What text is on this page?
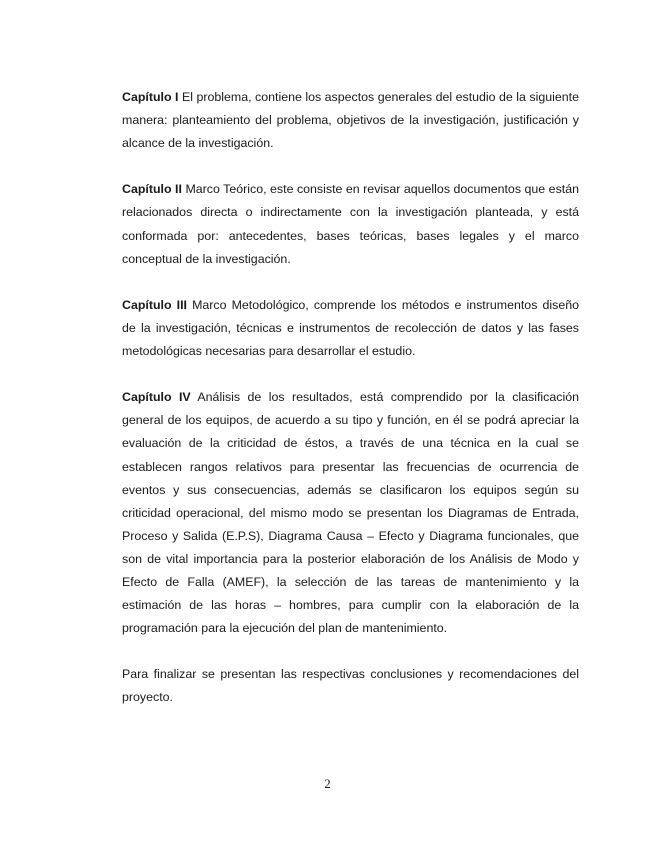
Capítulo I El problema, contiene los aspectos generales del estudio de la siguiente manera: planteamiento del problema, objetivos de la investigación, justificación y alcance de la investigación.

Capítulo II Marco Teórico, este consiste en revisar aquellos documentos que están relacionados directa o indirectamente con la investigación planteada, y está conformada por: antecedentes, bases teóricas, bases legales y el marco conceptual de la investigación.

Capítulo III Marco Metodológico, comprende los métodos e instrumentos diseño de la investigación, técnicas e instrumentos de recolección de datos y las fases metodológicas necesarias para desarrollar el estudio.

Capítulo IV Análisis de los resultados, está comprendido por la clasificación general de los equipos, de acuerdo a su tipo y función, en él se podrá apreciar la evaluación de la criticidad de éstos, a través de una técnica en la cual se establecen rangos relativos para presentar las frecuencias de ocurrencia de eventos y sus consecuencias, además se clasificaron los equipos según su criticidad operacional, del mismo modo se presentan los Diagramas de Entrada, Proceso y Salida (E.P.S), Diagrama Causa – Efecto y Diagrama funcionales, que son de vital importancia para la posterior elaboración de los Análisis de Modo y Efecto de Falla (AMEF), la selección de las tareas de mantenimiento y la estimación de las horas – hombres, para cumplir con la elaboración de la programación para la ejecución del plan de mantenimiento.

Para finalizar se presentan las respectivas conclusiones y recomendaciones del proyecto.

2
